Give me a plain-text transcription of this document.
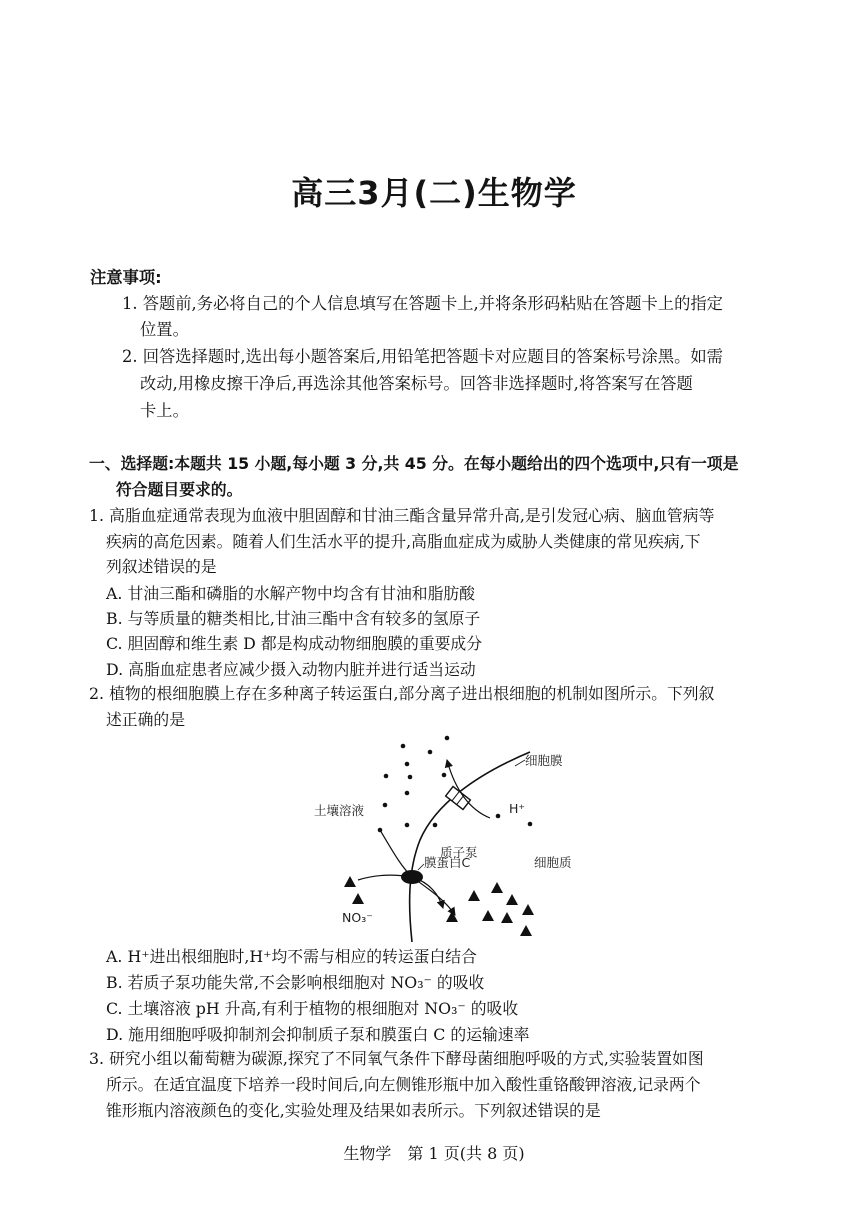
高三3月(二)生物学
注意事项:
1. 答题前,务必将自己的个人信息填写在答题卡上,并将条形码粘贴在答题卡上的指定
位置。
2. 回答选择题时,选出每小题答案后,用铅笔把答题卡对应题目的答案标号涂黑。如需
改动,用橡皮擦干净后,再选涂其他答案标号。回答非选择题时,将答案写在答题
卡上。
一、选择题:本题共 15 小题,每小题 3 分,共 45 分。在每小题给出的四个选项中,只有一项是
符合题目要求的。
1. 高脂血症通常表现为血液中胆固醇和甘油三酯含量异常升高,是引发冠心病、脑血管病等
疾病的高危因素。随着人们生活水平的提升,高脂血症成为威胁人类健康的常见疾病,下
列叙述错误的是
A. 甘油三酯和磷脂的水解产物中均含有甘油和脂肪酸
B. 与等质量的糖类相比,甘油三酯中含有较多的氢原子
C. 胆固醇和维生素 D 都是构成动物细胞膜的重要成分
D. 高脂血症患者应减少摄入动物内脏并进行适当运动
2. 植物的根细胞膜上存在多种离子转运蛋白,部分离子进出根细胞的机制如图所示。下列叙
述正确的是
细胞膜
土壤溶液
质子泵
H⁺
膜蛋白C	细胞质
NO₃⁻
A. H⁺进出根细胞时,H⁺均不需与相应的转运蛋白结合
B. 若质子泵功能失常,不会影响根细胞对 NO₃⁻ 的吸收
C. 土壤溶液 pH 升高,有利于植物的根细胞对 NO₃⁻ 的吸收
D. 施用细胞呼吸抑制剂会抑制质子泵和膜蛋白 C 的运输速率
3. 研究小组以葡萄糖为碳源,探究了不同氧气条件下酵母菌细胞呼吸的方式,实验装置如图
所示。在适宜温度下培养一段时间后,向左侧锥形瓶中加入酸性重铬酸钾溶液,记录两个
锥形瓶内溶液颜色的变化,实验处理及结果如表所示。下列叙述错误的是
生物学　第 1 页(共 8 页)
